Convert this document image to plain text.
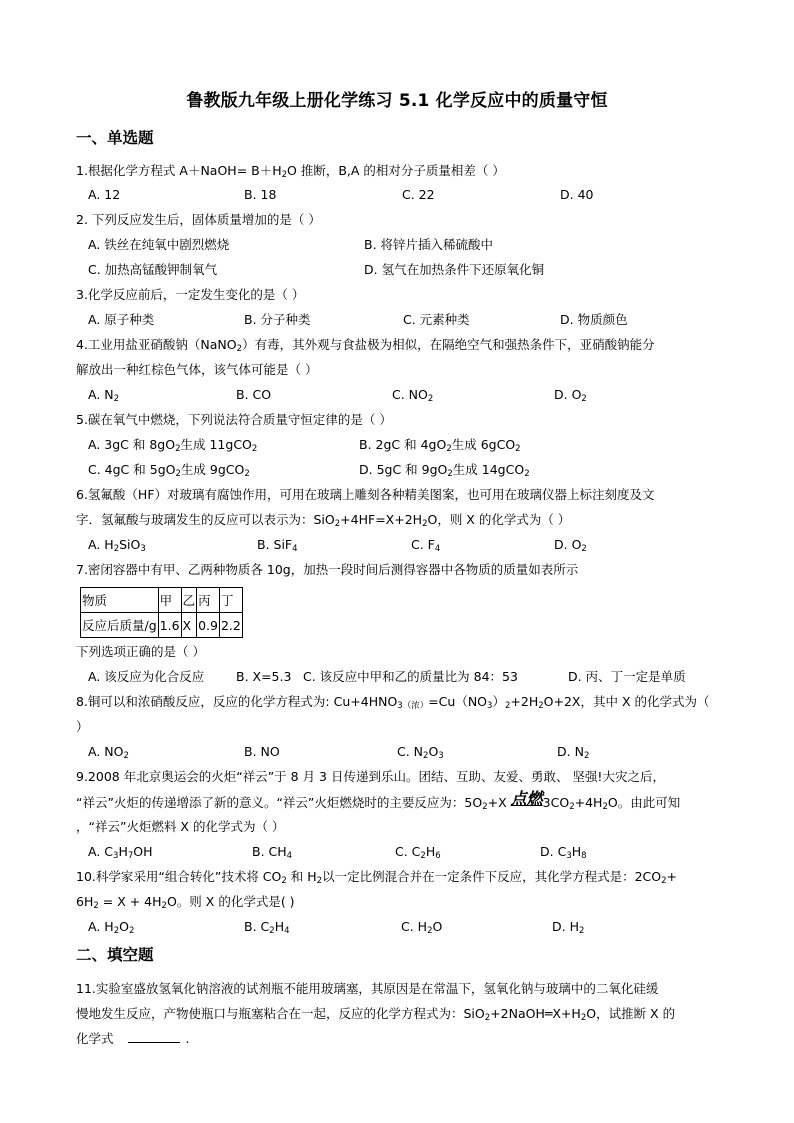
鲁教版九年级上册化学练习 5.1 化学反应中的质量守恒
一、单选题
1.根据化学方程式 A＋NaOH= $B+H_2O$ 推断，B,A 的相对分子质量相差（ ）
A. 12	B. 18	C. 22	D. 40
2. 下列反应发生后，固体质量增加的是（ ）
A. 铁丝在纯氧中剧烈燃烧	B. 将锌片插入稀硫酸中
C. 加热高锰酸钾制氧气	D. 氢气在加热条件下还原氧化铜
3.化学反应前后，一定发生变化的是（ ）
A. 原子种类	B. 分子种类	C. 元素种类	D. 物质颜色
4.工业用盐亚硝酸钠（NaNO$_2$）有毒，其外观与食盐极为相似，在隔绝空气和强热条件下，亚硝酸钠能分
解放出一种红棕色气体，该气体可能是（ ）
A. $N_2$	B. CO	C. $NO_2$	D. $O_2$
5.碳在氧气中燃烧，下列说法符合质量守恒定律的是（ ）
A. 3gC 和 $8gO_2$生成 11gCO$_2$	B. 2gC 和 $4gO_2$生成 6gCO$_2$
C. 4gC 和 $5gO_2$生成 9gCO$_2$	D. 5gC 和 $9gO_2$生成 14gCO$_2$
6.氢氟酸（HF）对玻璃有腐蚀作用，可用在玻璃上雕刻各种精美图案，也可用在玻璃仪器上标注刻度及文
字．氢氟酸与玻璃发生的反应可以表示为：$SiO_2+4HF=X+2H_2O$，则 X 的化学式为（ ）
A. $H_2SiO_3$	B. SiF$_4$	C. $F_4$	D. $O_2$
7.密闭容器中有甲、乙两种物质各 10g，加热一段时间后测得容器中各物质的质量如表所示
物质	甲	乙	丙	丁
反应后质量/g	1.6	X	0.9	2.2
下列选项正确的是（ ）
A. 该反应为化合反应	B. X=5.3 C. 该反应中甲和乙的质量比为 84：53	D. 丙、丁一定是单质
8.铜可以和浓硝酸反应，反应的化学方程式为: $Cu+4HNO_{3(浓)}=Cu(NO_3)_2+2H_2O+2X$，其中 X 的化学式为（
）
A. $NO_2$	B. NO	C. $N_2O_3$	D. $N_2$
9.2008 年北京奥运会的火炬“祥云”于 8 月 3 日传递到乐山。团结、互助、友爱、勇敢、 坚强!大灾之后，
“祥云”火炬的传递增添了新的意义。“祥云”火炬燃烧时的主要反应为：$5O_2+X$ 点燃$3CO_2+4H_2O$。由此可知
，“祥云”火炬燃料 X 的化学式为（ ）
A. $C_3H_7OH$	B. $CH_4$	C. $C_2H_6$	D. $C_3H_8$
10.科学家采用“组合转化”技术将 $CO_2$ 和 $H_2$以一定比例混合并在一定条件下反应，其化学方程式是：$2CO_2+$
$6H_2 = X + 4H_2O$。则 X 的化学式是( )
A. $H_2O_2$	B. $C_2H_4$	C. $H_2O$	D. $H_2$
二、填空题
11.实验室盛放氢氧化钠溶液的试剂瓶不能用玻璃塞，其原因是在常温下，氢氧化钠与玻璃中的二氧化硅缓
慢地发生反应，产物使瓶口与瓶塞粘合在一起，反应的化学方程式为：$SiO_2+2NaOH═X+H_2O$，试推断 X 的
化学式	.
